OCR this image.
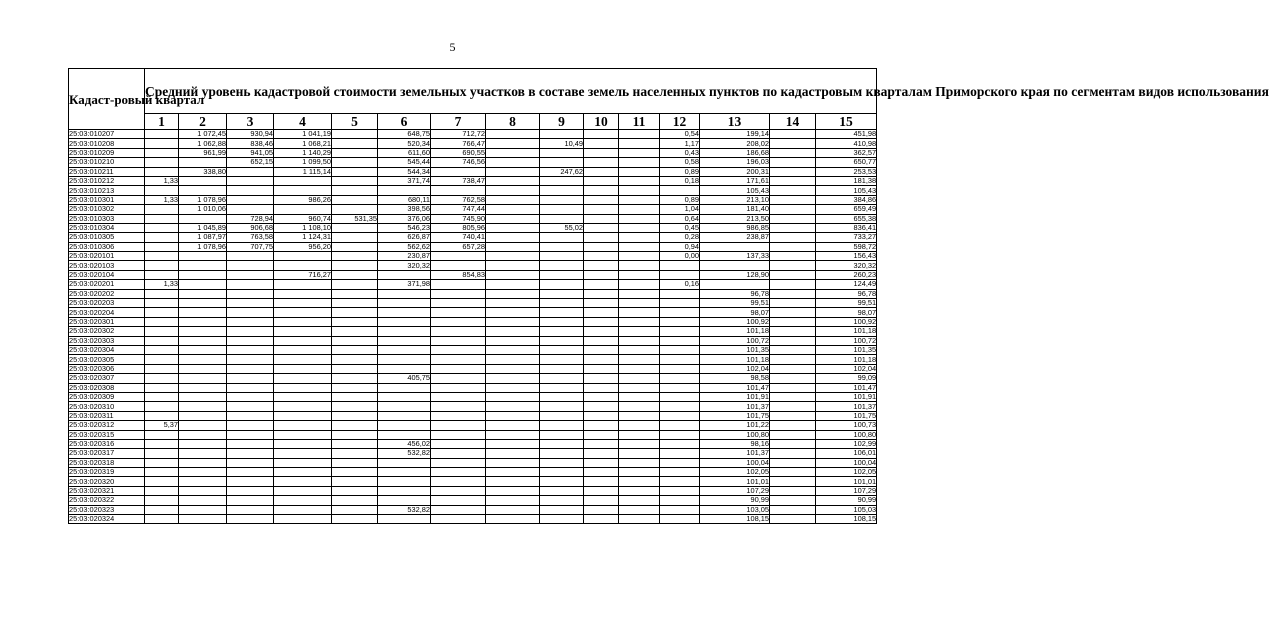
5
Кадаст-ровый квартал	Средний уровень кадастровой стоимости земельных участков в составе земель населенных пунктов по кадастровым кварталам Приморского края по сегментам видов использования														
	1	2	3	4	5	6	7	8	9	10	11	12	13	14	15
25:03:010207		1 072,45	930,94	1 041,19		648,75	712,72					0,54	199,14		451,98
25:03:010208		1 062,88	838,46	1 068,21		520,34	766,47		10,49			1,17	208,02		410,98
25:03:010209		961,99	941,05	1 140,29		611,60	690,55					0,43	186,68		362,57
25:03:010210			652,15	1 099,50		545,44	746,56					0,58	196,03		650,77
25:03:010211		338,80		1 115,14		544,34			247,62			0,89	200,31		253,53
25:03:010212	1,33					371,74	738,47					0,18	171,61		181,38
25:03:010213													105,43		105,43
25:03:010301	1,33	1 078,96		986,26		680,11	762,58					0,89	213,10		384,86
25:03:010302		1 010,06				398,56	747,44					1,04	181,40		659,49
25:03:010303			728,94	960,74	531,35	376,06	745,90					0,64	213,50		655,38
25:03:010304		1 045,89	906,68	1 108,10		546,23	805,96		55,02			0,45	986,85		836,41
25:03:010305		1 087,97	763,58	1 124,31		626,87	740,41					0,28	238,87		733,27
25:03:010306		1 078,96	707,75	956,20		562,62	657,28					0,94			598,72
25:03:020101						230,87						0,00	137,33		156,43
25:03:020103						320,32									320,32
25:03:020104				716,27			854,83						128,90		260,23
25:03:020201	1,33					371,98						0,16			124,49
25:03:020202													96,78		96,78
25:03:020203													99,51		99,51
25:03:020204													98,07		98,07
25:03:020301													100,92		100,92
25:03:020302													101,18		101,18
25:03:020303													100,72		100,72
25:03:020304													101,35		101,35
25:03:020305													101,18		101,18
25:03:020306													102,04		102,04
25:03:020307						405,75							98,58		99,09
25:03:020308													101,47		101,47
25:03:020309													101,91		101,91
25:03:020310													101,37		101,37
25:03:020311													101,75		101,75
25:03:020312	5,37												101,22		100,73
25:03:020315													100,80		100,80
25:03:020316						456,02							98,16		102,99
25:03:020317						532,82							101,37		106,01
25:03:020318													100,04		100,04
25:03:020319													102,05		102,05
25:03:020320													101,01		101,01
25:03:020321													107,29		107,29
25:03:020322													90,99		90,99
25:03:020323						532,82							103,05		105,03
25:03:020324													108,15		108,15
